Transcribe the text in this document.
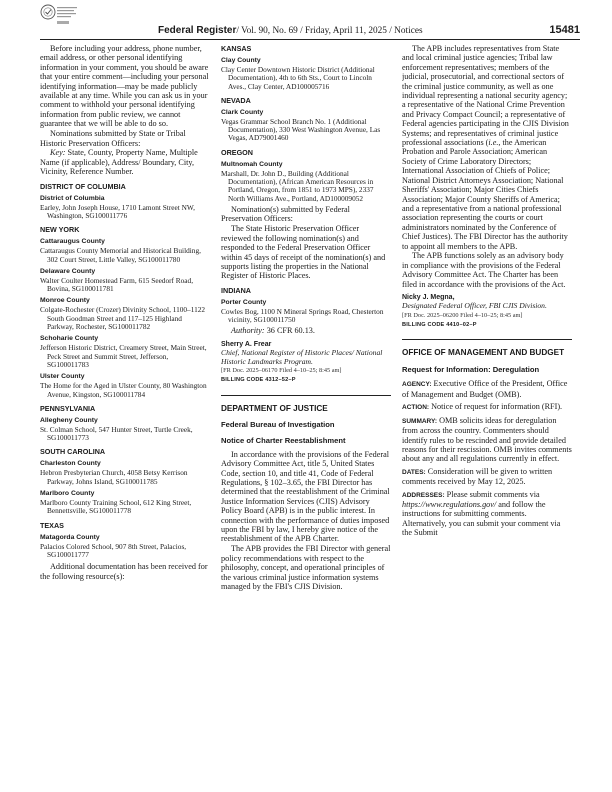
Federal Register/ Vol. 90, No. 69 / Friday, April 11, 2025 / Notices	15481

Before including your address, phone number, email address, or other personal identifying information in your comment, you should be aware that your entire comment—including your personal identifying information—may be made publicly available at any time. While you can ask us in your comment to withhold your personal identifying information from public review, we cannot guarantee that we will be able to do so.

Nominations submitted by State or Tribal Historic Preservation Officers:

Key: State, County, Property Name, Multiple Name (if applicable), Address/ Boundary, City, Vicinity, Reference Number.

DISTRICT OF COLUMBIA
District of Columbia
Earley, John Joseph House, 1710 Lamont Street NW, Washington, SG100011776
NEW YORK
Cattaraugus County
Cattaraugus County Memorial and Historical Building, 302 Court Street, Little Valley, SG100011780
Delaware County
Walter Coulter Homestead Farm, 615 Seedorf Road, Bovina, SG100011781
Monroe County
Colgate-Rochester (Crozer) Divinity School, 1100–1122 South Goodman Street and 117–125 Highland Parkway, Rochester, SG100011782
Schoharie County
Jefferson Historic District, Creamery Street, Main Street, Peck Street and Summit Street, Jefferson, SG100011783
Ulster County
The Home for the Aged in Ulster County, 80 Washington Avenue, Kingston, SG100011784
PENNSYLVANIA
Allegheny County
St. Colman School, 547 Hunter Street, Turtle Creek, SG100011773
SOUTH CAROLINA
Charleston County
Hebron Presbyterian Church, 4058 Betsy Kerrison Parkway, Johns Island, SG100011785
Marlboro County
Marlboro County Training School, 612 King Street, Bennettsville, SG100011778
TEXAS
Matagorda County
Palacios Colored School, 907 8th Street, Palacios, SG100011777

Additional documentation has been received for the following resource(s):

KANSAS
Clay County
Clay Center Downtown Historic District (Additional Documentation), 4th to 6th Sts., Court to Lincoln Aves., Clay Center, AD100005716
NEVADA
Clark County
Vegas Grammar School Branch No. 1 (Additional Documentation), 330 West Washington Avenue, Las Vegas, AD79001460
OREGON
Multnomah County
Marshall, Dr. John D., Building (Additional Documentation), (African American Resources in Portland, Oregon, from 1851 to 1973 MPS), 2337 North Williams Ave., Portland, AD100009052

Nomination(s) submitted by Federal Preservation Officers:

The State Historic Preservation Officer reviewed the following nomination(s) and responded to the Federal Preservation Officer within 45 days of receipt of the nomination(s) and supports listing the properties in the National Register of Historic Places.

INDIANA
Porter County
Cowles Bog, 1100 N Mineral Springs Road, Chesterton vicinity, SG100011750

Authority: 36 CFR 60.13.

Sherry A. Frear
Chief, National Register of Historic Places/ National Historic Landmarks Program.
[FR Doc. 2025–06170 Filed 4–10–25; 8:45 am]
BILLING CODE 4312–52–P
DEPARTMENT OF JUSTICE
Federal Bureau of Investigation
Notice of Charter Reestablishment

In accordance with the provisions of the Federal Advisory Committee Act, title 5, United States Code, section 10, and title 41, Code of Federal Regulations, § 102–3.65, the FBI Director has determined that the reestablishment of the Criminal Justice Information Services (CJIS) Advisory Policy Board (APB) is in the public interest. In connection with the performance of duties imposed upon the FBI by law, I hereby give notice of the reestablishment of the APB Charter.

The APB provides the FBI Director with general policy recommendations with respect to the philosophy, concept, and operational principles of the various criminal justice information systems managed by the FBI's CJIS Division.

The APB includes representatives from State and local criminal justice agencies; Tribal law enforcement representatives; members of the judicial, prosecutorial, and correctional sectors of the criminal justice community, as well as one individual representing a national security agency; a representative of the National Crime Prevention and Privacy Compact Council; a representative of Federal agencies participating in the CJIS Division Systems; and representatives of criminal justice professional associations (i.e., the American Probation and Parole Association; American Society of Crime Laboratory Directors; International Association of Chiefs of Police; National District Attorneys Association; National Sheriffs' Association; Major Cities Chiefs Association; Major County Sheriffs of America; and a representative from a national professional association representing the courts or court administrators nominated by the Conference of Chief Justices). The FBI Director has the authority to appoint all members to the APB.

The APB functions solely as an advisory body in compliance with the provisions of the Federal Advisory Committee Act. The Charter has been filed in accordance with the provisions of the Act.

Nicky J. Megna,
Designated Federal Officer, FBI CJIS Division.
[FR Doc. 2025–06200 Filed 4–10–25; 8:45 am]
BILLING CODE 4410–02–P
OFFICE OF MANAGEMENT AND BUDGET
Request for Information: Deregulation

AGENCY: Executive Office of the President, Office of Management and Budget (OMB).

ACTION: Notice of request for information (RFI).

SUMMARY: OMB solicits ideas for deregulation from across the country. Commenters should identify rules to be rescinded and provide detailed reasons for their rescission. OMB invites comments about any and all regulations currently in effect.

DATES: Consideration will be given to written comments received by May 12, 2025.

ADDRESSES: Please submit comments via https://www.regulations.gov/ and follow the instructions for submitting comments. Alternatively, you can submit your comment via the Submit
